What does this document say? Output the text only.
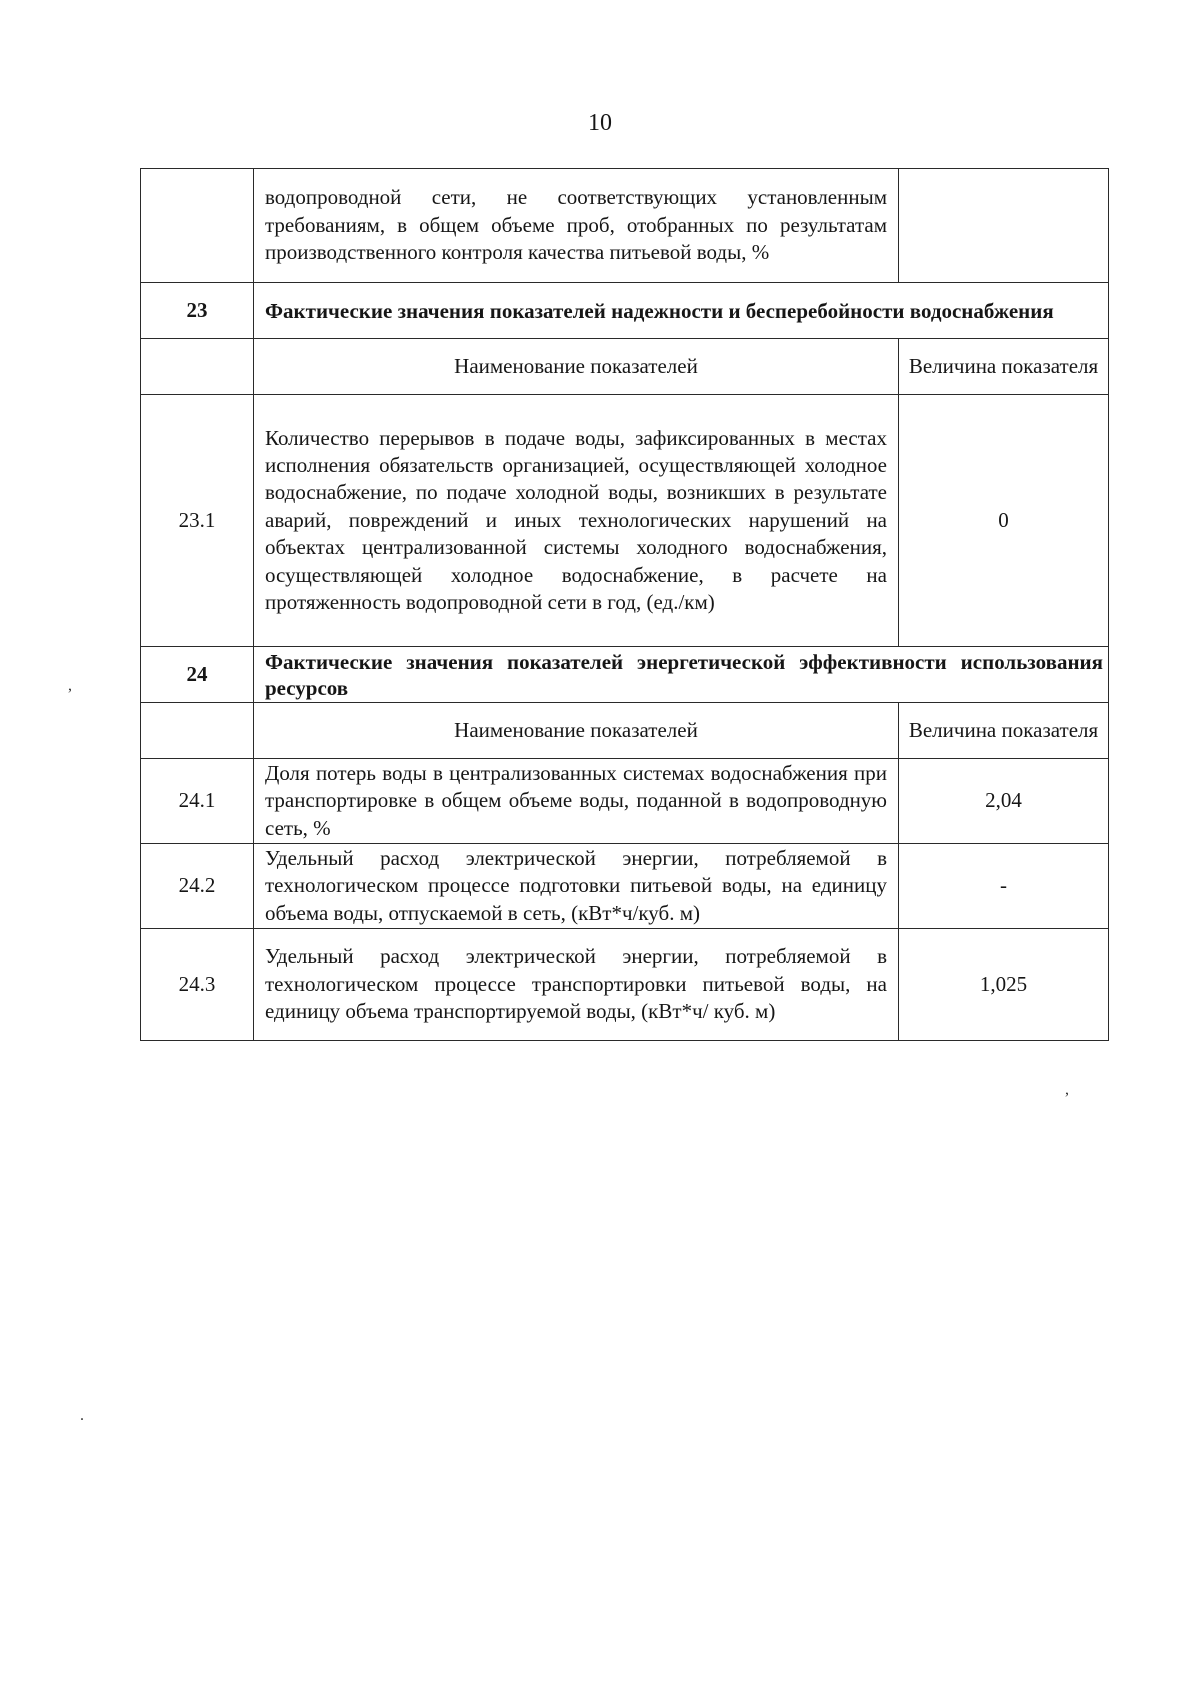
10
	водопроводной сети, не соответствующих установленным требованиям, в общем объеме проб, отобранных по результатам производственного контроля качества питьевой воды, %	
23	Фактические значения показателей надежности и бесперебойности водоснабжения	
	Наименование показателей	Величина показателя
23.1	Количество перерывов в подаче воды, зафиксированных в местах исполнения обязательств организацией, осуществляющей холодное водоснабжение, по подаче холодной воды, возникших в результате аварий, повреждений и иных технологических нарушений на объектах централизованной системы холодного водоснабжения, осуществляющей холодное водоснабжение, в расчете на протяженность водопроводной сети в год, (ед./км)	0
24	Фактические значения показателей энергетической эффективности использования ресурсов	
	Наименование показателей	Величина показателя
24.1	Доля потерь воды в централизованных системах водоснабжения при транспортировке в общем объеме воды, поданной в водопроводную сеть, %	2,04
24.2	Удельный расход электрической энергии, потребляемой в технологическом процессе подготовки питьевой воды, на единицу объема воды, отпускаемой в сеть, (кВт*ч/куб. м)	-
24.3	Удельный расход электрической энергии, потребляемой в технологическом процессе транспортировки питьевой воды, на единицу объема транспортируемой воды, (кВт*ч/ куб. м)	1,025
,
,
.
